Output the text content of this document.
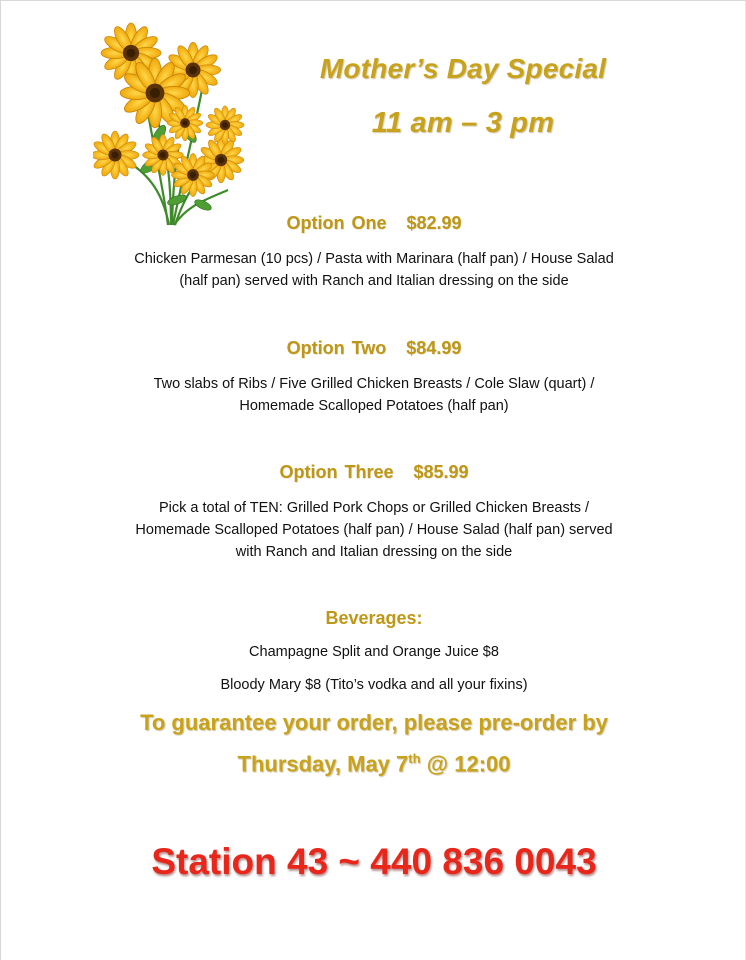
Mother’s Day Special
11 am – 3 pm
Option One $82.99
Chicken Parmesan (10 pcs) / Pasta with Marinara (half pan) / House Salad
(half pan) served with Ranch and Italian dressing on the side
Option Two $84.99
Two slabs of Ribs / Five Grilled Chicken Breasts / Cole Slaw (quart) /
Homemade Scalloped Potatoes (half pan)
Option Three $85.99
Pick a total of TEN: Grilled Pork Chops or Grilled Chicken Breasts /
Homemade Scalloped Potatoes (half pan) / House Salad (half pan) served
with Ranch and Italian dressing on the side
Beverages:
Champagne Split and Orange Juice $8
Bloody Mary $8 (Tito’s vodka and all your fixins)
To guarantee your order, please pre-order by
Thursday, May 7th @ 12:00
Station 43 ~ 440 836 0043
